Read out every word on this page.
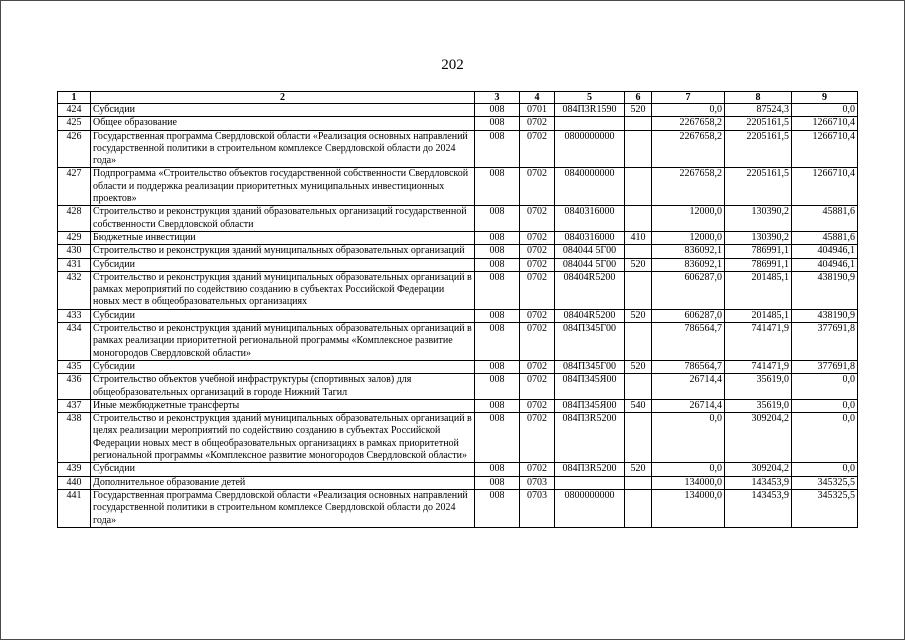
202
1	2	3	4	5	6	7	8	9
424	Субсидии	008	0701	084П3R1590	520	0,0	87524,3	0,0
425	Общее образование	008	0702			2267658,2	2205161,5	1266710,4
426	Государственная программа Свердловской области «Реализация основных направлений государственной политики в строительном комплексе Свердловской области до 2024 года»	008	0702	0800000000		2267658,2	2205161,5	1266710,4
427	Подпрограмма «Строительство объектов государственной собственности Свердловской области и поддержка реализации приоритетных муниципальных инвестиционных проектов»	008	0702	0840000000		2267658,2	2205161,5	1266710,4
428	Строительство и реконструкция зданий образовательных организаций государственной собственности Свердловской области	008	0702	0840316000		12000,0	130390,2	45881,6
429	Бюджетные инвестиции	008	0702	0840316000	410	12000,0	130390,2	45881,6
430	Строительство и реконструкция зданий муниципальных образовательных организаций	008	0702	084044 5Г00		836092,1	786991,1	404946,1
431	Субсидии	008	0702	084044 5Г00	520	836092,1	786991,1	404946,1
432	Строительство и реконструкция зданий муниципальных образовательных организаций в рамках мероприятий по содействию созданию в субъектах Российской Федерации новых мест в общеобразовательных организациях	008	0702	08404R5200		606287,0	201485,1	438190,9
433	Субсидии	008	0702	08404R5200	520	606287,0	201485,1	438190,9
434	Строительство и реконструкция зданий муниципальных образовательных организаций в рамках реализации приоритетной региональной программы «Комплексное развитие моногородов Свердловской области»	008	0702	084П345Г00		786564,7	741471,9	377691,8
435	Субсидии	008	0702	084П345Г00	520	786564,7	741471,9	377691,8
436	Строительство объектов учебной инфраструктуры (спортивных залов) для общеобразовательных организаций в городе Нижний Тагил	008	0702	084П345Я00		26714,4	35619,0	0,0
437	Иные межбюджетные трансферты	008	0702	084П345Я00	540	26714,4	35619,0	0,0
438	Строительство и реконструкция зданий муниципальных образовательных организаций в целях реализации мероприятий по содействию созданию в субъектах Российской Федерации новых мест в общеобразовательных организациях в рамках приоритетной региональной программы «Комплексное развитие моногородов Свердловской области»	008	0702	084П3R5200		0,0	309204,2	0,0
439	Субсидии	008	0702	084П3R5200	520	0,0	309204,2	0,0
440	Дополнительное образование детей	008	0703			134000,0	143453,9	345325,5
441	Государственная программа Свердловской области «Реализация основных направлений государственной политики в строительном комплексе Свердловской области до 2024 года»	008	0703	0800000000		134000,0	143453,9	345325,5
